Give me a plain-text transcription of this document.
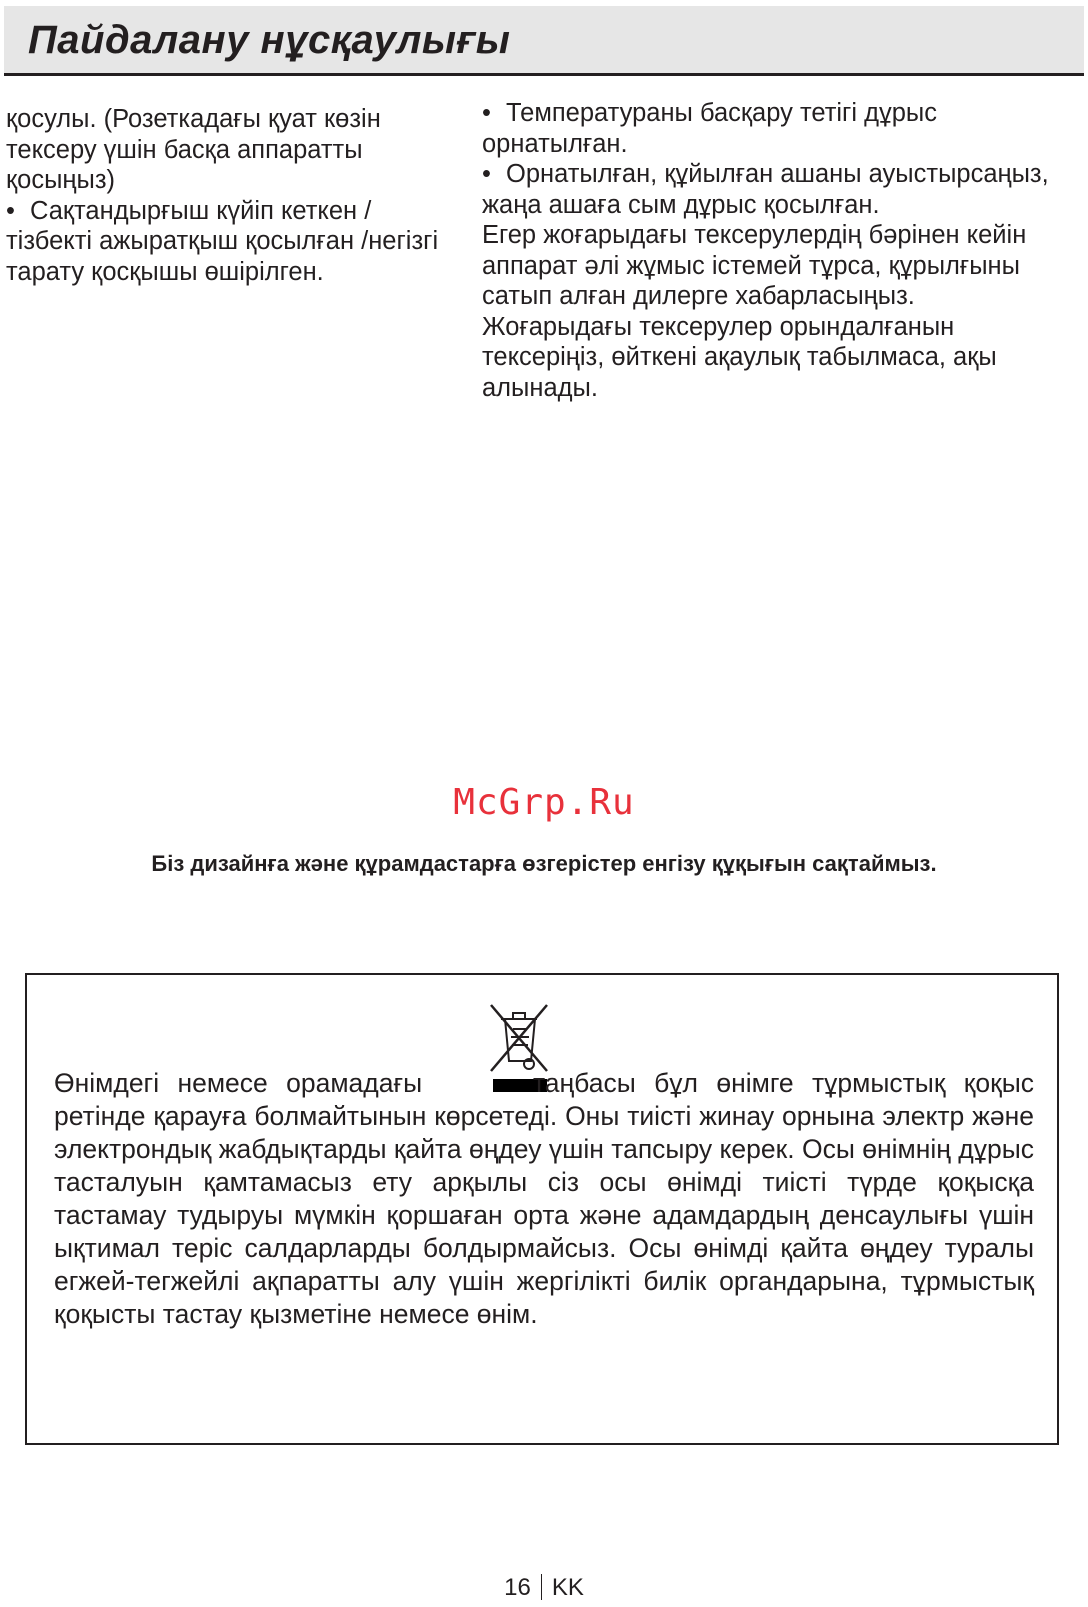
Пайдалану нұсқаулығы

қосулы. (Розеткадағы қуат көзін тексеру үшін басқа аппаратты қосыңыз)

• Сақтандырғыш күйіп кеткен /тізбекті ажыратқыш қосылған /негізгі тарату қосқышы өшірілген.

• Температураны басқару тетігі дұрыс орнатылған.

• Орнатылған, құйылған ашаны ауыстырсаңыз, жаңа ашаға сым дұрыс қосылған.

Егер жоғарыдағы тексерулердің бәрінен кейін аппарат әлі жұмыс істемей тұрса, құрылғыны сатып алған дилерге хабарласыңыз.

Жоғарыдағы тексерулер орындалғанын тексеріңіз, өйткені ақаулық табылмаса, ақы алынады.

McGrp.Ru
Біз дизайнға және құрамдастарға өзгерістер енгізу құқығын сақтаймыз.
Өнімдегі немесе орамадағы	таңбасы бұл өнімге тұрмыстық қоқыс ретінде қарауға болмайтынын көрсетеді. Оны тиісті жинау орнына электр және электрондық жабдықтарды қайта өңдеу үшін тапсыру керек. Осы өнімнің дұрыс тасталуын қамтамасыз ету арқылы сіз осы өнімді тиісті түрде қоқысқа тастамау тудыруы мүмкін қоршаған орта және адамдардың денсаулығы үшін ықтимал теріс салдарларды болдырмайсыз. Осы өнімді қайта өңдеу туралы егжей-тегжейлі ақпаратты алу үшін жергілікті билік органдарына, тұрмыстық қоқысты тастау қызметіне немесе өнім.
16 KK
